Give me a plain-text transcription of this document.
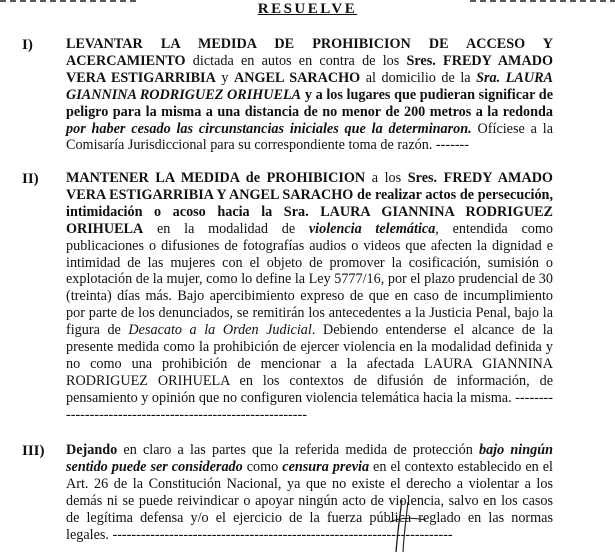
RESUELVE
I) LEVANTAR LA MEDIDA DE PROHIBICION DE ACCESO Y ACERCAMIENTO dictada en autos en contra de los Sres. FREDY AMADO VERA ESTIGARRIBIA y ANGEL SARACHO al domicilio de la Sra. LAURA GIANNINA RODRIGUEZ ORIHUELA y a los lugares que pudieran significar de peligro para la misma a una distancia de no menor de 200 metros a la redonda por haber cesado las circunstancias iniciales que la determinaron. Ofíciese a la Comisaría Jurisdiccional para su correspondiente toma de razón. -------
II) MANTENER LA MEDIDA de PROHIBICION a los Sres. FREDY AMADO VERA ESTIGARRIBIA Y ANGEL SARACHO de realizar actos de persecución, intimidación o acoso hacia la Sra. LAURA GIANNINA RODRIGUEZ ORIHUELA en la modalidad de violencia telemática, entendida como publicaciones o difusiones de fotografías audios o videos que afecten la dignidad e intimidad de las mujeres con el objeto de promover la cosificación, sumisión o explotación de la mujer, como lo define la Ley 5777/16, por el plazo prudencial de 30 (treinta) días más. Bajo apercibimiento expreso de que en caso de incumplimiento por parte de los denunciados, se remitirán los antecedentes a la Justicia Penal, bajo la figura de Desacato a la Orden Judicial. Debiendo entenderse el alcance de la presente medida como la prohibición de ejercer violencia en la modalidad definida y no como una prohibición de mencionar a la afectada LAURA GIANNINA RODRIGUEZ ORIHUELA en los contextos de difusión de información, de pensamiento y opinión que no configuren violencia telemática hacia la misma. -----------------------------------------------------------
III) Dejando en claro a las partes que la referida medida de protección bajo ningún sentido puede ser considerado como censura previa en el contexto establecido en el Art. 26 de la Constitución Nacional, ya que no existe el derecho a violentar a los demás ni se puede reivindicar o apoyar ningún acto de violencia, salvo en los casos de legítima defensa y/o el ejercicio de la fuerza pública reglado en las normas legales. ------------------------------------------------------------------------
